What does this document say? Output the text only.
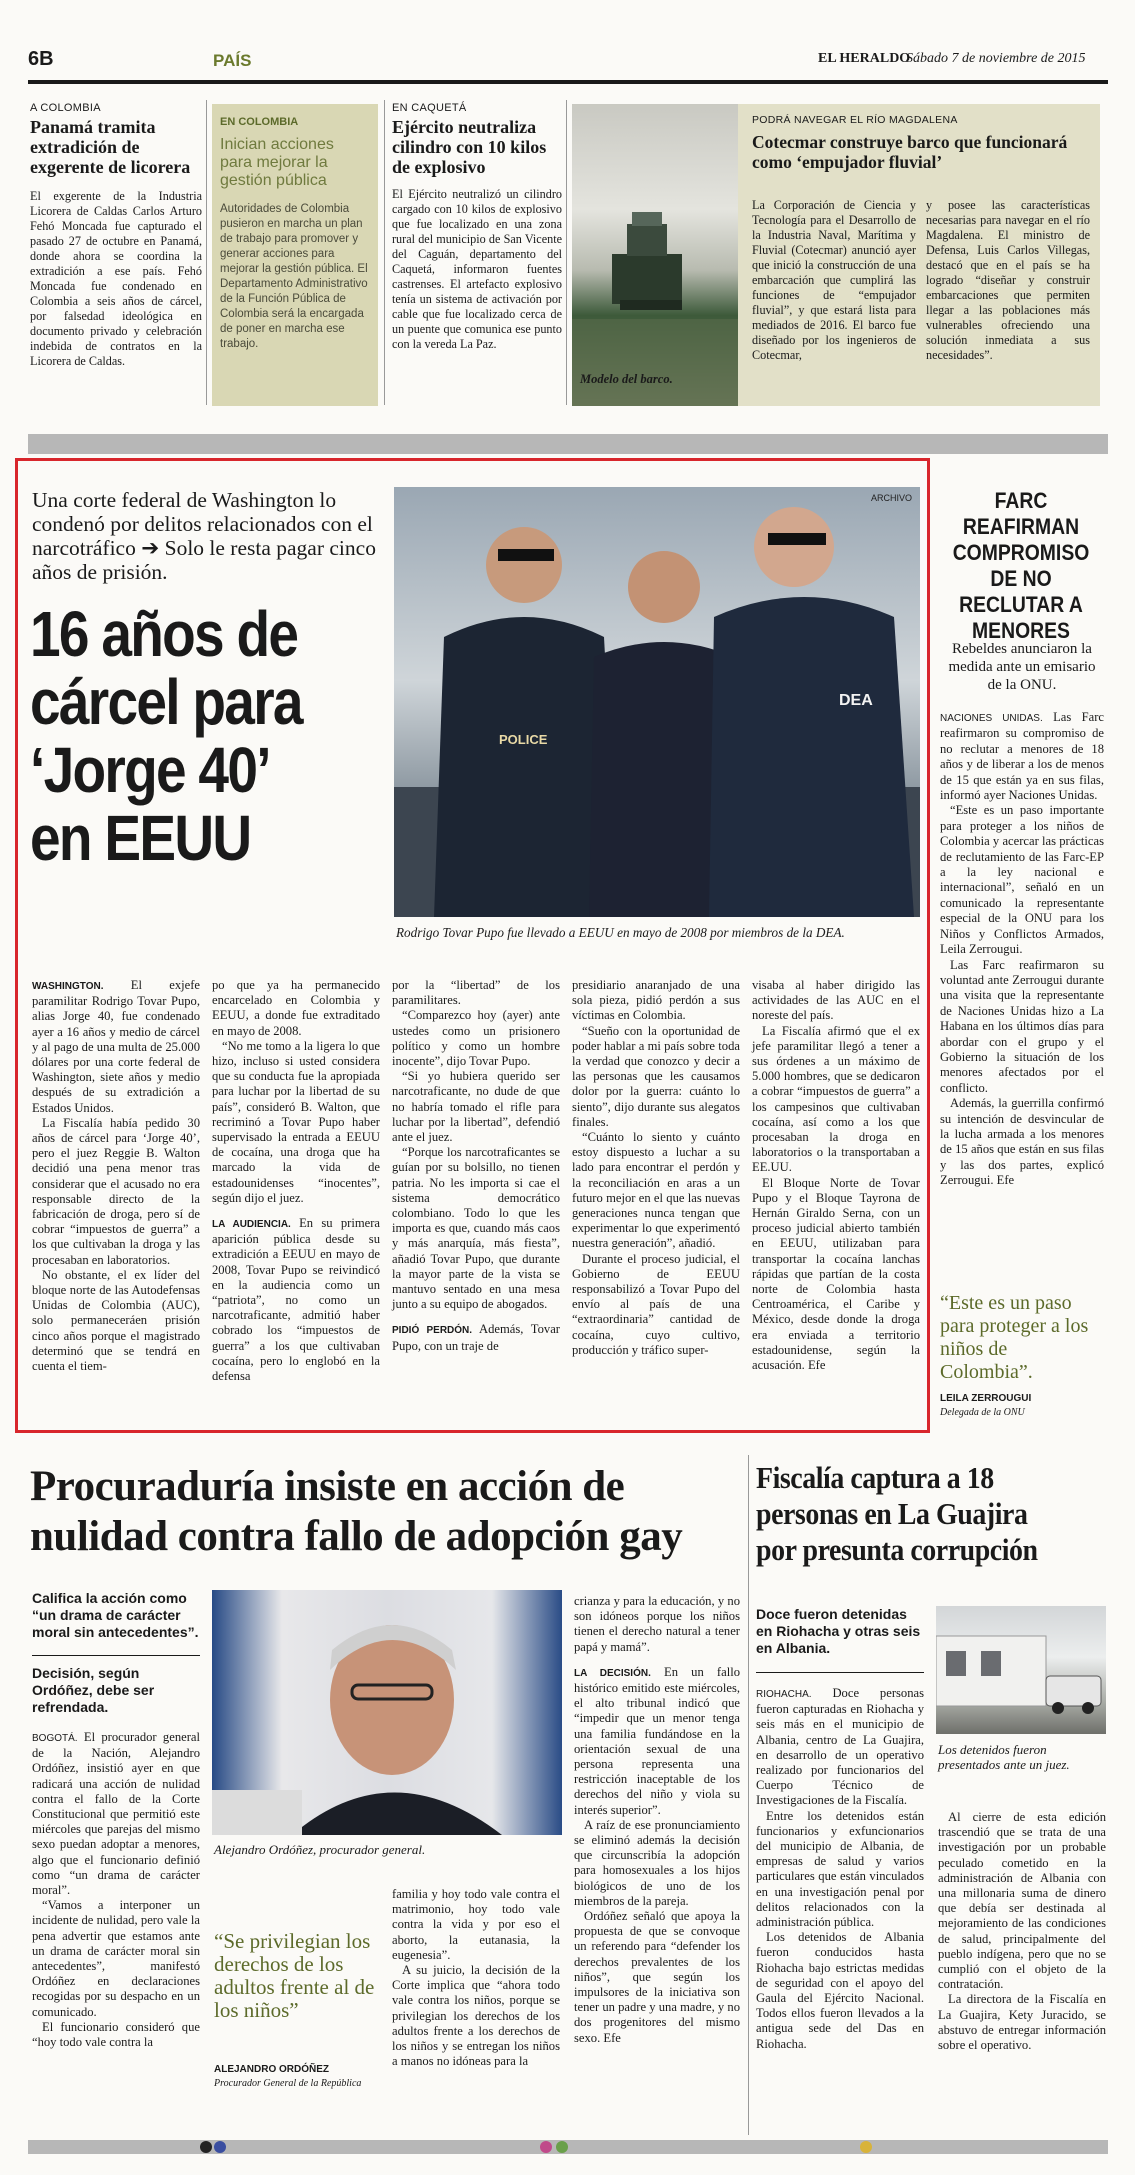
6B	PAÍS	EL HERALDO
Sábado 7 de noviembre de 2015
A COLOMBIA
Panamá tramita extradición de exgerente de licorera

El exgerente de la Industria Licorera de Caldas Carlos Arturo Fehó Moncada fue capturado el pasado 27 de octubre en Panamá, donde ahora se coordina la extradición a ese país. Fehó Moncada fue condenado en Colombia a seis años de cárcel, por falsedad ideológica en documento privado y celebración indebida de contratos en la Licorera de Caldas.

EN COLOMBIA
Inician acciones para mejorar la gestión pública
Autoridades de Colombia pusieron en marcha un plan de trabajo para promover y generar acciones para mejorar la gestión pública. El Departamento Administrativo de la Función Pública de Colombia será la encargada de poner en marcha ese trabajo.
EN CAQUETÁ
Ejército neutraliza cilindro con 10 kilos de explosivo

El Ejército neutralizó un cilindro cargado con 10 kilos de explosivo que fue localizado en una zona rural del municipio de San Vicente del Caguán, departamento del Caquetá, informaron fuentes castrenses. El artefacto explosivo tenía un sistema de activación por cable que fue localizado cerca de un puente que comunica ese punto con la vereda La Paz.

Modelo del barco.
PODRÁ NAVEGAR EL RÍO MAGDALENA
Cotecmar construye barco que funcionará como ‘empujador fluvial’

La Corporación de Ciencia y Tecnología para el Desarrollo de la Industria Naval, Marítima y Fluvial (Cotecmar) anunció ayer que inició la construcción de una embarcación que cumplirá las funciones de “empujador fluvial”, y que estará lista para mediados de 2016. El barco fue diseñado por los ingenieros de Cotecmar,

y posee las características necesarias para navegar en el río Magdalena. El ministro de Defensa, Luis Carlos Villegas, destacó que en el país se ha logrado “diseñar y construir embarcaciones que permiten llegar a las poblaciones más vulnerables ofreciendo una solución inmediata a sus necesidades”.

Una corte federal de Washington lo condenó por delitos relacionados con el narcotráfico ➔ Solo le resta pagar cinco años de prisión.
16 años de cárcel para ‘Jorge 40’ en EEUU
ARCHIVO
POLICE
DEA
Rodrigo Tovar Pupo fue llevado a EEUU en mayo de 2008 por miembros de la DEA.

WASHINGTON. El exjefe paramilitar Rodrigo Tovar Pupo, alias Jorge 40, fue condenado ayer a 16 años y medio de cárcel y al pago de una multa de 25.000 dólares por una corte federal de Washington, siete años y medio después de su extradición a Estados Unidos.

La Fiscalía había pedido 30 años de cárcel para ‘Jorge 40’, pero el juez Reggie B. Walton decidió una pena menor tras considerar que el acusado no era responsable directo de la fabricación de droga, pero sí de cobrar “impuestos de guerra” a los que cultivaban la droga y las procesaban en laboratorios.

No obstante, el ex líder del bloque norte de las Autodefensas Unidas de Colombia (AUC), solo permaneceráen prisión cinco años porque el magistrado determinó que se tendrá en cuenta el tiem-

po que ya ha permanecido encarcelado en Colombia y EEUU, a donde fue extraditado en mayo de 2008.

“No me tomo a la ligera lo que hizo, incluso si usted considera que su conducta fue la apropiada para luchar por la libertad de su país”, consideró B. Walton, que recriminó a Tovar Pupo haber supervisado la entrada a EEUU de cocaína, una droga que ha marcado la vida de estadounidenses “inocentes”, según dijo el juez.

LA AUDIENCIA. En su primera aparición pública desde su extradición a EEUU en mayo de 2008, Tovar Pupo se reivindicó en la audiencia como un “patriota”, no como un narcotraficante, admitió haber cobrado los “impuestos de guerra” a los que cultivaban cocaína, pero lo englobó en la defensa

por la “libertad” de los paramilitares.

“Comparezco hoy (ayer) ante ustedes como un prisionero político y como un hombre inocente”, dijo Tovar Pupo.

“Si yo hubiera querido ser narcotraficante, no dude de que no habría tomado el rifle para luchar por la libertad”, defendió ante el juez.

“Porque los narcotraficantes se guían por su bolsillo, no tienen patria. No les importa si cae el sistema democrático colombiano. Todo lo que les importa es que, cuando más caos y más anarquía, más fiesta”, añadió Tovar Pupo, que durante la mayor parte de la vista se mantuvo sentado en una mesa junto a su equipo de abogados.

PIDIÓ PERDÓN. Además, Tovar Pupo, con un traje de

presidiario anaranjado de una sola pieza, pidió perdón a sus víctimas en Colombia.

“Sueño con la oportunidad de poder hablar a mi país sobre toda la verdad que conozco y decir a las personas que les causamos dolor por la guerra: cuánto lo siento”, dijo durante sus alegatos finales.

“Cuánto lo siento y cuánto estoy dispuesto a luchar a su lado para encontrar el perdón y la reconciliación en aras a un futuro mejor en el que las nuevas generaciones nunca tengan que experimentar lo que experimentó nuestra generación”, añadió.

Durante el proceso judicial, el Gobierno de EEUU responsabilizó a Tovar Pupo del envío al país de una “extraordinaria” cantidad de cocaína, cuyo cultivo, producción y tráfico super-

visaba al haber dirigido las actividades de las AUC en el noreste del país.

La Fiscalía afirmó que el ex jefe paramilitar llegó a tener a sus órdenes a un máximo de 5.000 hombres, que se dedicaron a cobrar “impuestos de guerra” a los campesinos que cultivaban cocaína, así como a los que procesaban la droga en laboratorios o la transportaban a EE.UU.

El Bloque Norte de Tovar Pupo y el Bloque Tayrona de Hernán Giraldo Serna, con un proceso judicial abierto también en EEUU, utilizaban para transportar la cocaína lanchas rápidas que partían de la costa norte de Colombia hasta Centroamérica, el Caribe y México, desde donde la droga era enviada a territorio estadounidense, según la acusación. Efe

FARC REAFIRMAN COMPROMISO DE NO RECLUTAR A MENORES
Rebeldes anunciaron la medida ante un emisario de la ONU.

NACIONES UNIDAS. Las Farc reafirmaron su compromiso de no reclutar a menores de 18 años y de liberar a los de menos de 15 que están ya en sus filas, informó ayer Naciones Unidas.

“Este es un paso importante para proteger a los niños de Colombia y acercar las prácticas de reclutamiento de las Farc-EP a la ley nacional e internacional”, señaló en un comunicado la representante especial de la ONU para los Niños y Conflictos Armados, Leila Zerrougui.

Las Farc reafirmaron su voluntad ante Zerrougui durante una visita que la representante de Naciones Unidas hizo a La Habana en los últimos días para abordar con el grupo y el Gobierno la situación de los menores afectados por el conflicto.

Además, la guerrilla confirmó su intención de desvincular de la lucha armada a los menores de 15 años que están en sus filas y las dos partes, explicó Zerrougui. Efe

“Este es un paso para proteger a los niños de Colombia”.
LEILA ZERROUGUI
Delegada de la ONU
Procuraduría insiste en acción de nulidad contra fallo de adopción gay
Califica la acción como “un drama de carácter moral sin antecedentes”.
Decisión, según Ordóñez, debe ser refrendada.

BOGOTÁ. El procurador general de la Nación, Alejandro Ordóñez, insistió ayer en que radicará una acción de nulidad contra el fallo de la Corte Constitucional que permitió este miércoles que parejas del mismo sexo puedan adoptar a menores, algo que el funcionario definió como “un drama de carácter moral”.

“Vamos a interponer un incidente de nulidad, pero vale la pena advertir que estamos ante un drama de carácter moral sin antecedentes”, manifestó Ordóñez en declaraciones recogidas por su despacho en un comunicado.

El funcionario consideró que “hoy todo vale contra la

Alejandro Ordóñez, procurador general.

familia y hoy todo vale contra el matrimonio, hoy todo vale contra la vida y por eso el aborto, la eutanasia, la eugenesia”.

A su juicio, la decisión de la Corte implica que “ahora todo vale contra los niños, porque se privilegian los derechos de los adultos frente a los derechos de los niños y se entregan los niños a manos no idóneas para la

“Se privilegian los derechos de los adultos frente al de los niños”
ALEJANDRO ORDÓÑEZ
Procurador General de la República

crianza y para la educación, y no son idóneos porque los niños tienen el derecho natural a tener papá y mamá”.

LA DECISIÓN. En un fallo histórico emitido este miércoles, el alto tribunal indicó que “impedir que un menor tenga una familia fundándose en la orientación sexual de una persona representa una restricción inaceptable de los derechos del niño y viola su interés superior”.

A raíz de ese pronunciamiento se eliminó además la decisión que circunscribía la adopción para homosexuales a los hijos biológicos de uno de los miembros de la pareja.

Ordóñez señaló que apoya la propuesta de que se convoque un referendo para “defender los derechos prevalentes de los niños”, que según los impulsores de la iniciativa son tener un padre y una madre, y no dos progenitores del mismo sexo. Efe

Fiscalía captura a 18 personas en La Guajira por presunta corrupción
Doce fueron detenidas en Riohacha y otras seis en Albania.

RIOHACHA. Doce personas fueron capturadas en Riohacha y seis más en el municipio de Albania, centro de La Guajira, en desarrollo de un operativo realizado por funcionarios del Cuerpo Técnico de Investigaciones de la Fiscalía.

Entre los detenidos están funcionarios y exfuncionarios del municipio de Albania, de empresas de salud y varios particulares que están vinculados en una investigación penal por delitos relacionados con la administración pública.

Los detenidos de Albania fueron conducidos hasta Riohacha bajo estrictas medidas de seguridad con el apoyo del Gaula del Ejército Nacional. Todos ellos fueron llevados a la antigua sede del Das en Riohacha.

Los detenidos fueron presentados ante un juez.

Al cierre de esta edición trascendió que se trata de una investigación por un probable peculado cometido en la administración de Albania con una millonaria suma de dinero que debía ser destinada al mejoramiento de las condiciones de salud, principalmente del pueblo indígena, pero que no se cumplió con el objeto de la contratación.

La directora de la Fiscalía en La Guajira, Kety Juracido, se abstuvo de entregar información sobre el operativo.
